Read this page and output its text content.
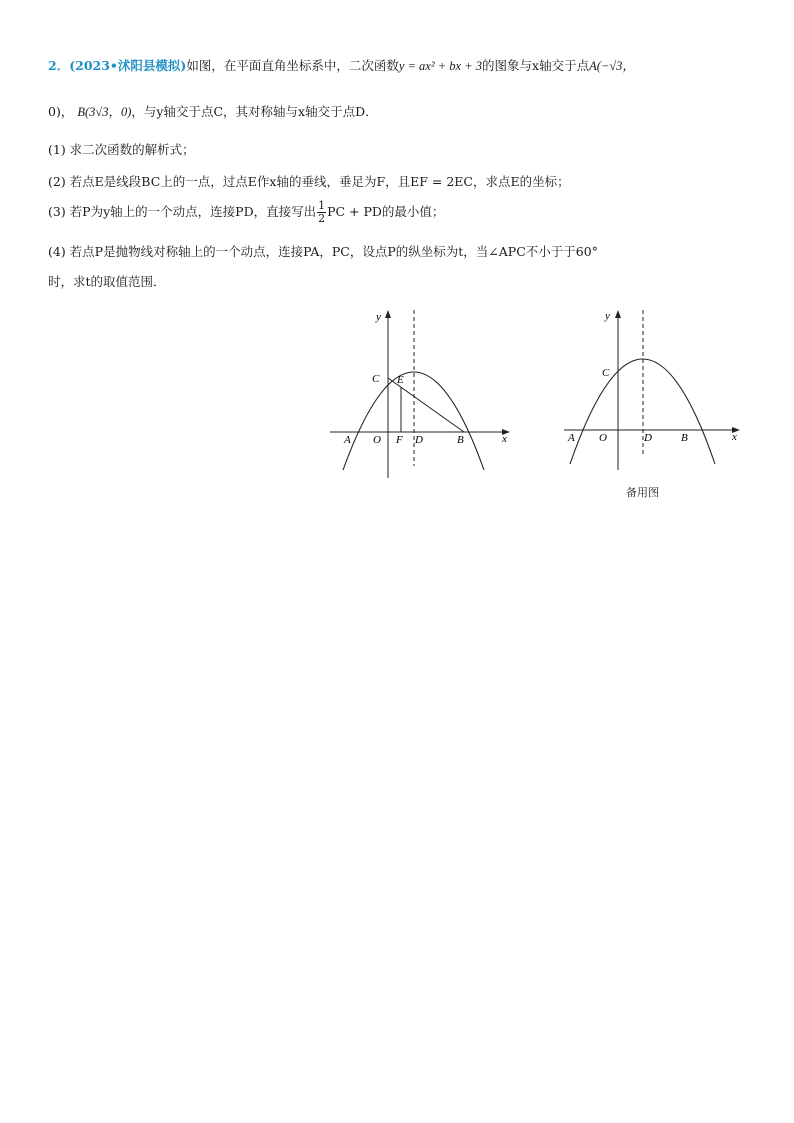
2．(2023•沭阳县模拟)如图，在平面直角坐标系中，二次函数y = ax² + bx + 3的图象与x轴交于点A(−√3，
0)， B(3√3，0)，与y轴交于点C，其对称轴与x轴交于点D．
(1) 求二次函数的解析式；
(2) 若点E是线段BC上的一点，过点E作x轴的垂线，垂足为F，且EF = 2EC，求点E的坐标；
(3) 若P为y轴上的一个动点，连接PD，直接写出 $\frac{1}{2}$ PC + PD的最小值；
(4) 若点P是抛物线对称轴上的一个动点，连接PA，PC，设点P的纵坐标为t，当∠APC不小于于60°
时，求t的取值范围．
y
x
C E
A O F D	B
y
x
C
A O	D	B
备用图
